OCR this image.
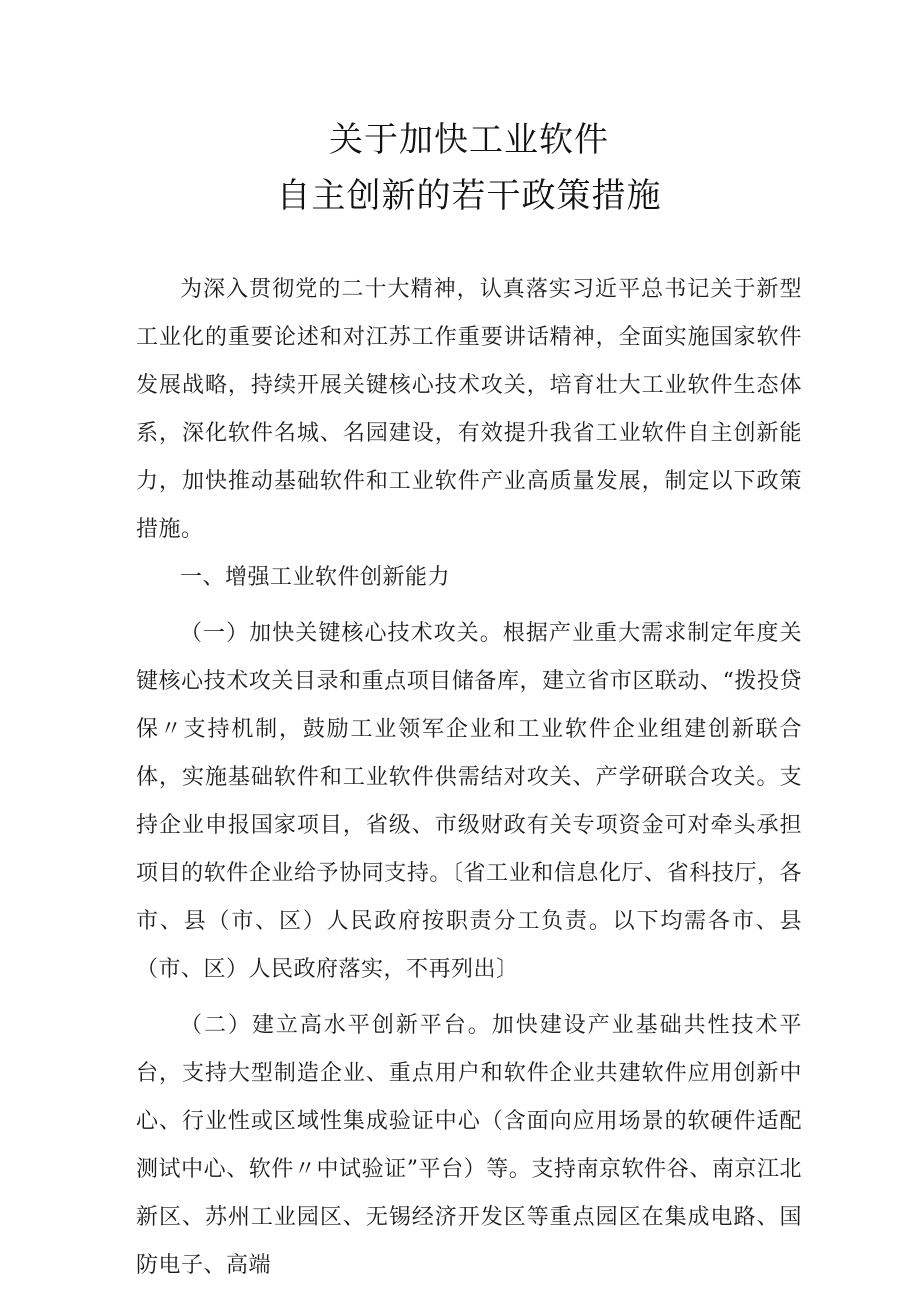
关于加快工业软件
自主创新的若干政策措施

为深入贯彻党的二十大精神，认真落实习近平总书记关于新型工业化的重要论述和对江苏工作重要讲话精神，全面实施国家软件发展战略，持续开展关键核心技术攻关，培育壮大工业软件生态体系，深化软件名城、名园建设，有效提升我省工业软件自主创新能力，加快推动基础软件和工业软件产业高质量发展，制定以下政策措施。

一、增强工业软件创新能力

（一）加快关键核心技术攻关。根据产业重大需求制定年度关键核心技术攻关目录和重点项目储备库，建立省市区联动、“拨投贷保〃支持机制，鼓励工业领军企业和工业软件企业组建创新联合体，实施基础软件和工业软件供需结对攻关、产学研联合攻关。支持企业申报国家项目，省级、市级财政有关专项资金可对牵头承担项目的软件企业给予协同支持。〔省工业和信息化厅、省科技厅，各市、县（市、区）人民政府按职责分工负责。以下均需各市、县（市、区）人民政府落实，不再列出〕

（二）建立高水平创新平台。加快建设产业基础共性技术平台，支持大型制造企业、重点用户和软件企业共建软件应用创新中心、行业性或区域性集成验证中心（含面向应用场景的软硬件适配测试中心、软件〃中试验证”平台）等。支持南京软件谷、南京江北新区、苏州工业园区、无锡经济开发区等重点园区在集成电路、国防电子、高端
